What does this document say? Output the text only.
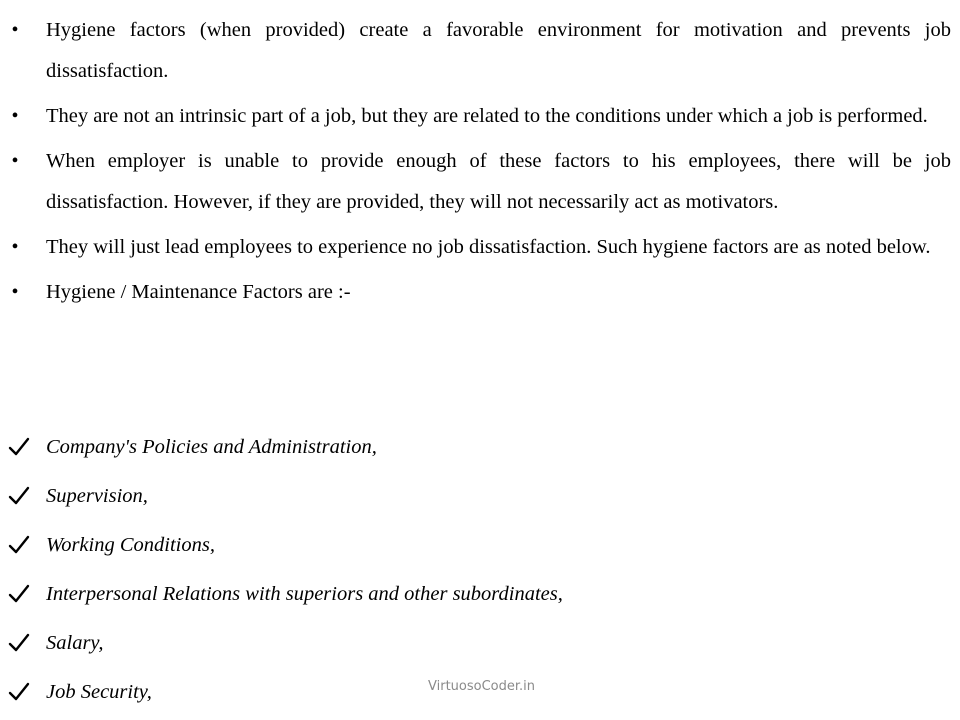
•	Hygiene factors (when provided) create a favorable environment for motivation and prevents job dissatisfaction.
•	They are not an intrinsic part of a job, but they are related to the conditions under which a job is performed.
•	When employer is unable to provide enough of these factors to his employees, there will be job dissatisfaction. However, if they are provided, they will not necessarily act as motivators.
•	They will just lead employees to experience no job dissatisfaction. Such hygiene factors are as noted below.
•	Hygiene / Maintenance Factors are :-
Company's Policies and Administration,
Supervision,
Working Conditions,
Interpersonal Relations with superiors and other subordinates,
Salary,
Job Security,	VirtuosoCoder.in
